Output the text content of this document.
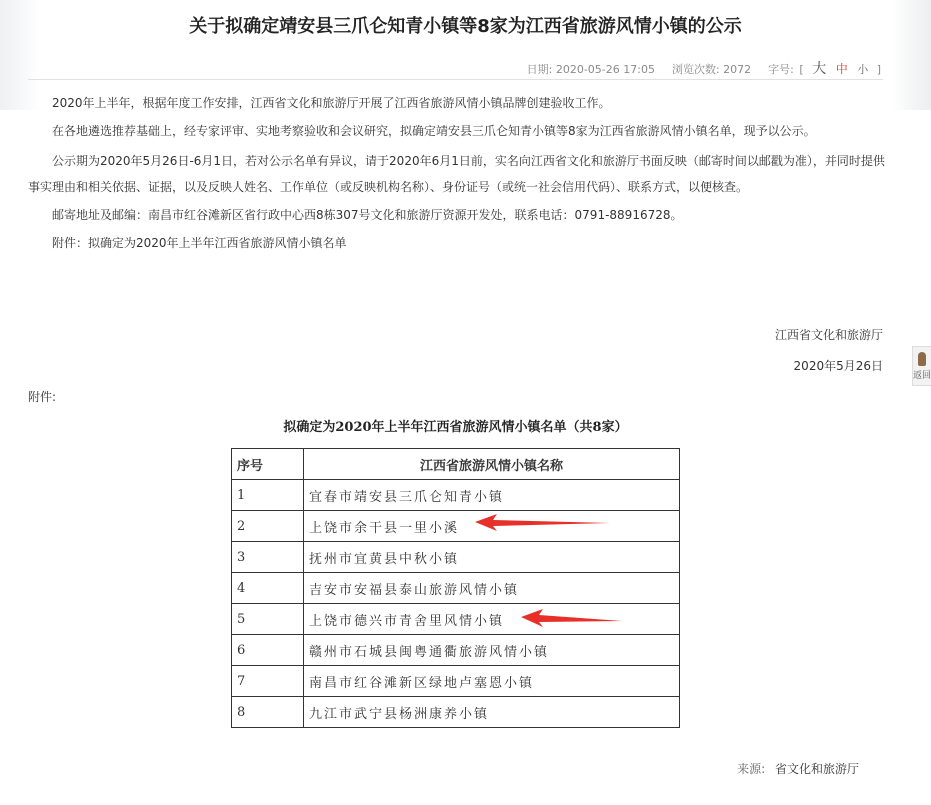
关于拟确定靖安县三爪仑知青小镇等8家为江西省旅游风情小镇的公示
日期: 2020-05-26 17:05 浏览次数: 2072 字号: [ 大 中 小 ]

2020年上半年，根据年度工作安排，江西省文化和旅游厅开展了江西省旅游风情小镇品牌创建验收工作。

在各地遴选推荐基础上，经专家评审、实地考察验收和会议研究，拟确定靖安县三爪仑知青小镇等8家为江西省旅游风情小镇名单，现予以公示。

公示期为2020年5月26日-6月1日，若对公示名单有异议，请于2020年6月1日前，实名向江西省文化和旅游厅书面反映（邮寄时间以邮戳为准），并同时提供事实理由和相关依据、证据，以及反映人姓名、工作单位（或反映机构名称）、身份证号（或统一社会信用代码）、联系方式，以便核查。

邮寄地址及邮编：南昌市红谷滩新区省行政中心西8栋307号文化和旅游厅资源开发处，联系电话：0791-88916728。

附件：拟确定为2020年上半年江西省旅游风情小镇名单

江西省文化和旅游厅
2020年5月26日
附件:
拟确定为2020年上半年江西省旅游风情小镇名单（共8家）
序号	江西省旅游风情小镇名称
1	宜春市靖安县三爪仑知青小镇
2	上饶市余干县一里小溪
3	抚州市宜黄县中秋小镇
4	吉安市安福县泰山旅游风情小镇
5	上饶市德兴市青舍里风情小镇
6	赣州市石城县闽粤通衢旅游风情小镇
7	南昌市红谷滩新区绿地卢塞恩小镇
8	九江市武宁县杨洲康养小镇
来源: 省文化和旅游厅
返回
